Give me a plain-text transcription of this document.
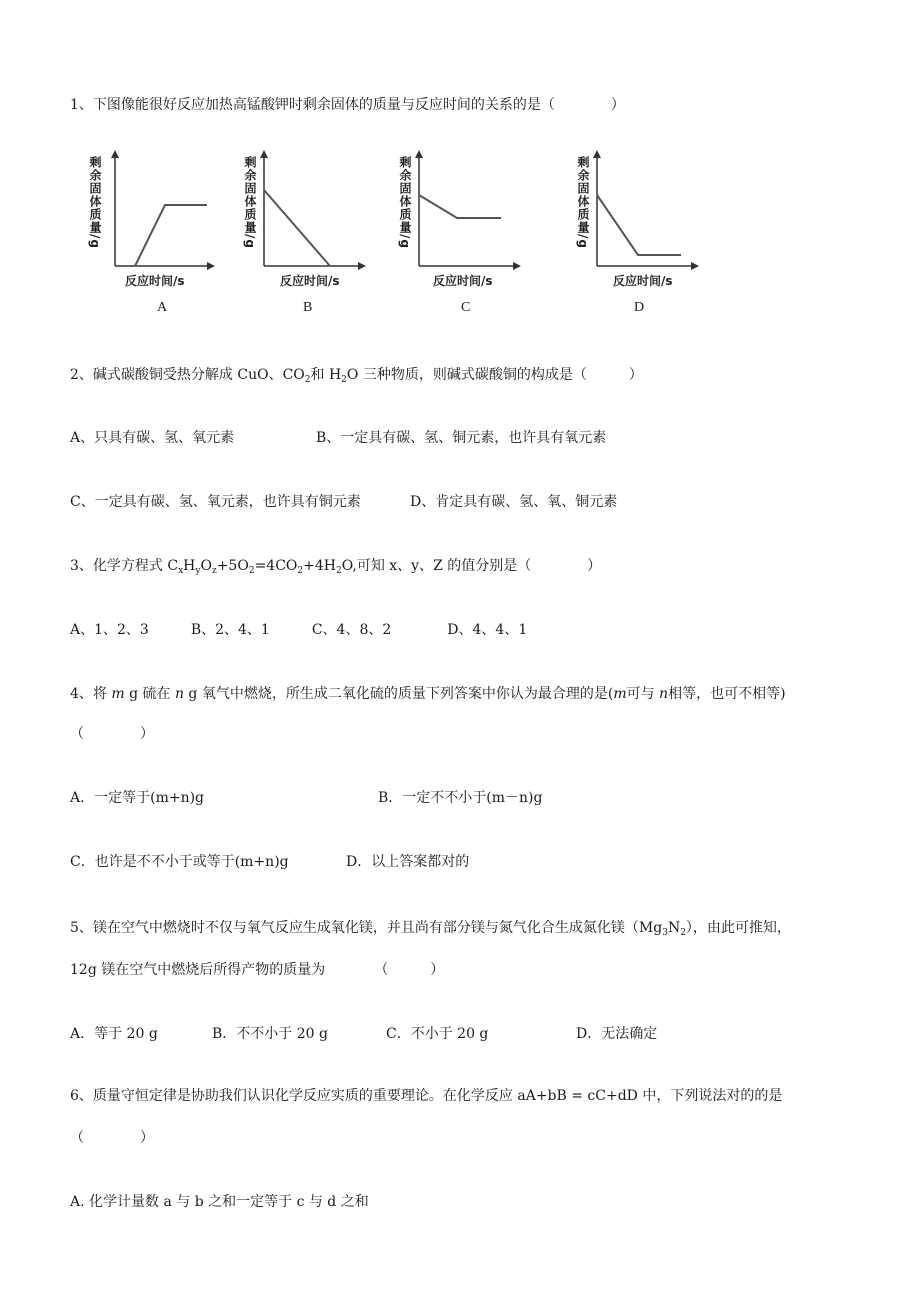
1、下图像能很好反应加热高锰酸钾时剩余固体的质量与反应时间的关系的是（　　　　）
剩余固体质量/g
反应时间/s
A
剩余固体质量/g
反应时间/s
B
剩余固体质量/g
反应时间/s
C
剩余固体质量/g
反应时间/s
D
2、碱式碳酸铜受热分解成 CuO、$CO_2$和 $H_2O$ 三种物质，则碱式碳酸铜的构成是（　　　）
A、只具有碳、氢、氧元素	B、一定具有碳、氢、铜元素，也许具有氧元素
C、一定具有碳、氢、氧元素，也许具有铜元素	D、肯定具有碳、氢、氧、铜元素
3、化学方程式 $C_xH_yO_z+5O_2=4CO_2+4H_2O$,可知 x、y、Z 的值分别是（　　　　）
A、1、2、3　　　B、2、4、1　　　C、4、8、2　　　　D、4、4、1
4、将 m g 硫在 n g 氧气中燃烧，所生成二氧化硫的质量下列答案中你认为最合理的是(m可与 n相等，也可不相等)
（　　　　）
A．一定等于(m+n)g	B．一定不不小于(m－n)g
C．也许是不不小于或等于(m+n)g	D．以上答案都对的
5、镁在空气中燃烧时不仅与氧气反应生成氧化镁，并且尚有部分镁与氮气化合生成氮化镁$(Mg_3N_2)$，由此可推知，
12g 镁在空气中燃烧后所得产物的质量为　　　　（　　　）
A．等于 20 g	B．不不小于 20 g	C．不小于 20 g	D．无法确定
6、质量守恒定律是协助我们认识化学反应实质的重要理论。在化学反应 aA+bB = cC+dD 中，下列说法对的的是
（　　　　）
A. 化学计量数 a 与 b 之和一定等于 c 与 d 之和
